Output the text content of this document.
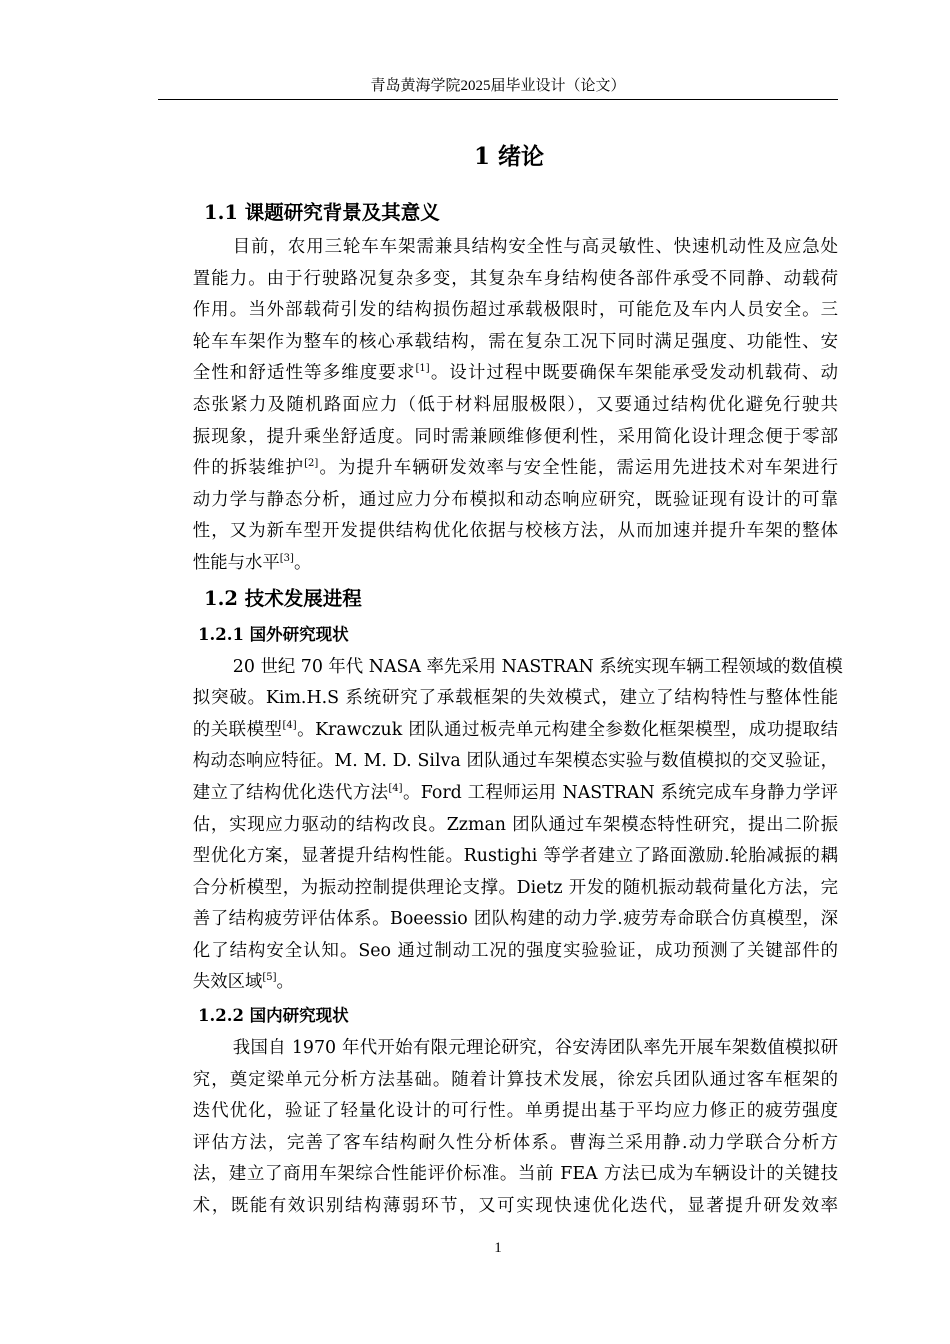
青岛黄海学院2025届毕业设计（论文）
1 绪论
1.1 课题研究背景及其意义
目前，农用三轮车车架需兼具结构安全性与高灵敏性、快速机动性及应急处
置能力。由于行驶路况复杂多变，其复杂车身结构使各部件承受不同静、动载荷
作用。当外部载荷引发的结构损伤超过承载极限时，可能危及车内人员安全。三
轮车车架作为整车的核心承载结构，需在复杂工况下同时满足强度、功能性、安
全性和舒适性等多维度要求[1]。设计过程中既要确保车架能承受发动机载荷、动
态张紧力及随机路面应力（低于材料屈服极限），又要通过结构优化避免行驶共
振现象，提升乘坐舒适度。同时需兼顾维修便利性，采用简化设计理念便于零部
件的拆装维护[2]。为提升车辆研发效率与安全性能，需运用先进技术对车架进行
动力学与静态分析，通过应力分布模拟和动态响应研究，既验证现有设计的可靠
性，又为新车型开发提供结构优化依据与校核方法，从而加速并提升车架的整体
性能与水平[3]。
1.2 技术发展进程
1.2.1 国外研究现状
20 世纪 70 年代 NASA 率先采用 NASTRAN 系统实现车辆工程领域的数值模
拟突破。Kim.H.S 系统研究了承载框架的失效模式，建立了结构特性与整体性能
的关联模型[4]。Krawczuk 团队通过板壳单元构建全参数化框架模型，成功提取结
构动态响应特征。M. M. D. Silva 团队通过车架模态实验与数值模拟的交叉验证，
建立了结构优化迭代方法[4]。Ford 工程师运用 NASTRAN 系统完成车身静力学评
估，实现应力驱动的结构改良。Zzman 团队通过车架模态特性研究，提出二阶振
型优化方案，显著提升结构性能。Rustighi 等学者建立了路面激励.轮胎减振的耦
合分析模型，为振动控制提供理论支撑。Dietz 开发的随机振动载荷量化方法，完
善了结构疲劳评估体系。Boeessio 团队构建的动力学.疲劳寿命联合仿真模型，深
化了结构安全认知。Seo 通过制动工况的强度实验验证，成功预测了关键部件的
失效区域[5]。
1.2.2 国内研究现状
我国自 1970 年代开始有限元理论研究，谷安涛团队率先开展车架数值模拟研
究，奠定梁单元分析方法基础。随着计算技术发展，徐宏兵团队通过客车框架的
迭代优化，验证了轻量化设计的可行性。单勇提出基于平均应力修正的疲劳强度
评估方法，完善了客车结构耐久性分析体系。曹海兰采用静.动力学联合分析方
法，建立了商用车架综合性能评价标准。当前 FEA 方法已成为车辆设计的关键技
术，既能有效识别结构薄弱环节，又可实现快速优化迭代，显著提升研发效率
1
